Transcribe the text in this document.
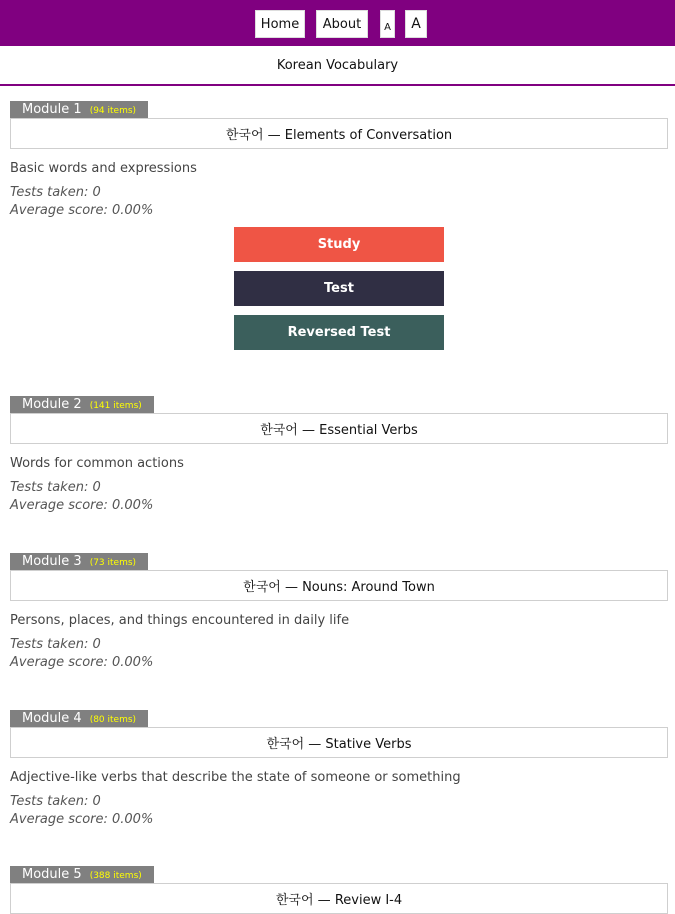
Home	About	A	A
Korean Vocabulary
Module 1 (94 items)
한국어 — Elements of Conversation
Basic words and expressions
Tests taken: 0
Average score: 0.00%
Study
Test
Reversed Test
Module 2 (141 items)
한국어 — Essential Verbs
Words for common actions
Tests taken: 0
Average score: 0.00%
Module 3 (73 items)
한국어 — Nouns: Around Town
Persons, places, and things encountered in daily life
Tests taken: 0
Average score: 0.00%
Module 4 (80 items)
한국어 — Stative Verbs
Adjective-like verbs that describe the state of someone or something
Tests taken: 0
Average score: 0.00%
Module 5 (388 items)
한국어 — Review I-4
